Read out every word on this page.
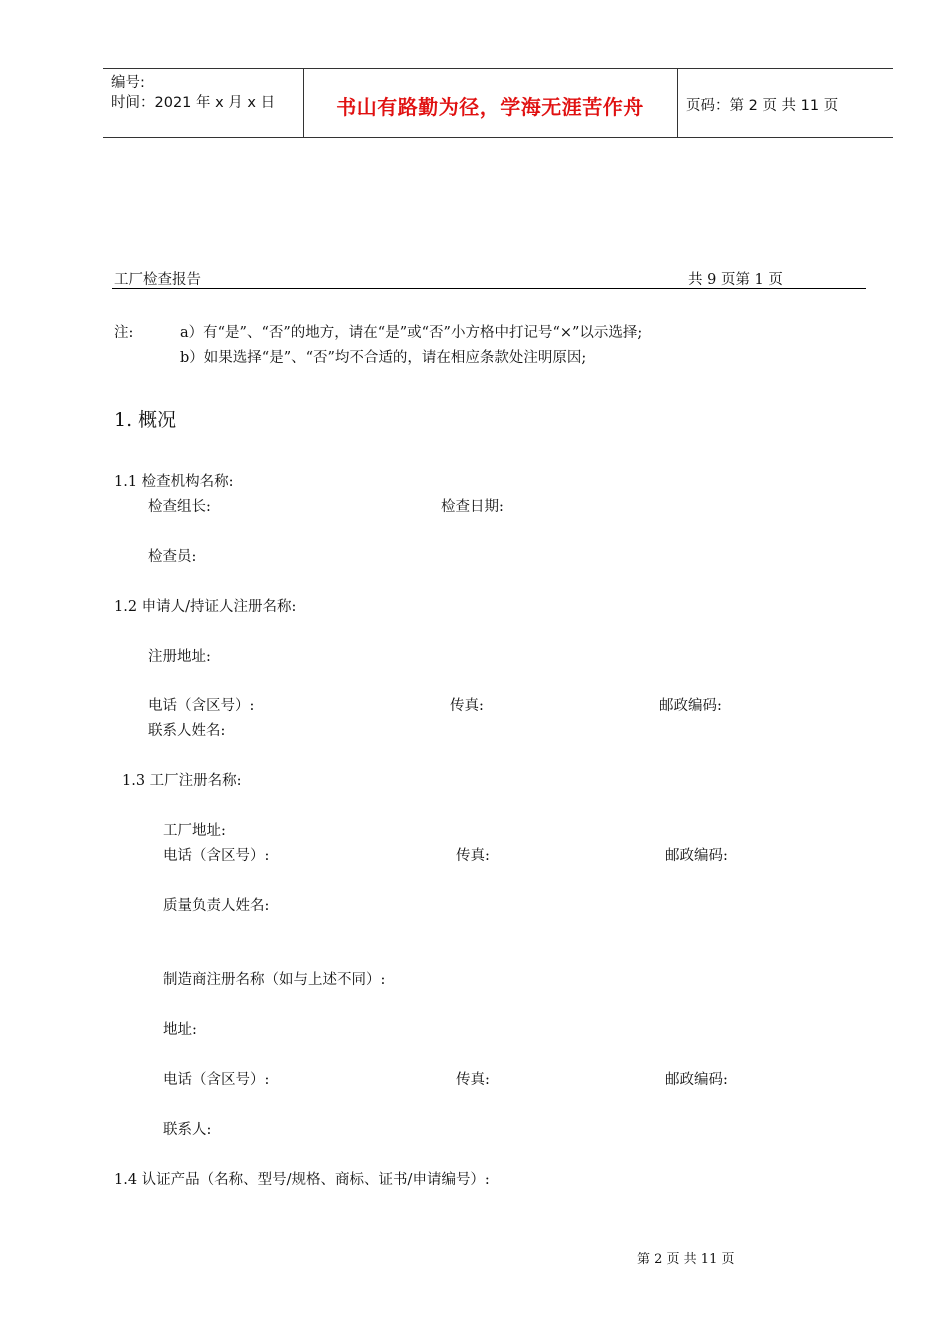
编号:
时间：2021 年 x 月 x 日	书山有路勤为径，学海无涯苦作舟	页码：第 2 页 共 11 页
工厂检查报告	共 9 页第 1 页
注:	a）有“是”、“否”的地方，请在“是”或“否”小方格中打记号“×”以示选择;
b）如果选择“是”、“否”均不合适的，请在相应条款处注明原因;
1. 概况
1.1 检查机构名称:
检查组长:	检查日期:
检查员:
1.2 申请人/持证人注册名称:
注册地址:
电话（含区号）:	传真:	邮政编码:
联系人姓名:
1.3 工厂注册名称:
工厂地址:
电话（含区号）:	传真:	邮政编码:
质量负责人姓名:
制造商注册名称（如与上述不同）:
地址:
电话（含区号）:	传真:	邮政编码:
联系人:
1.4 认证产品（名称、型号/规格、商标、证书/申请编号）:
第 2 页 共 11 页
